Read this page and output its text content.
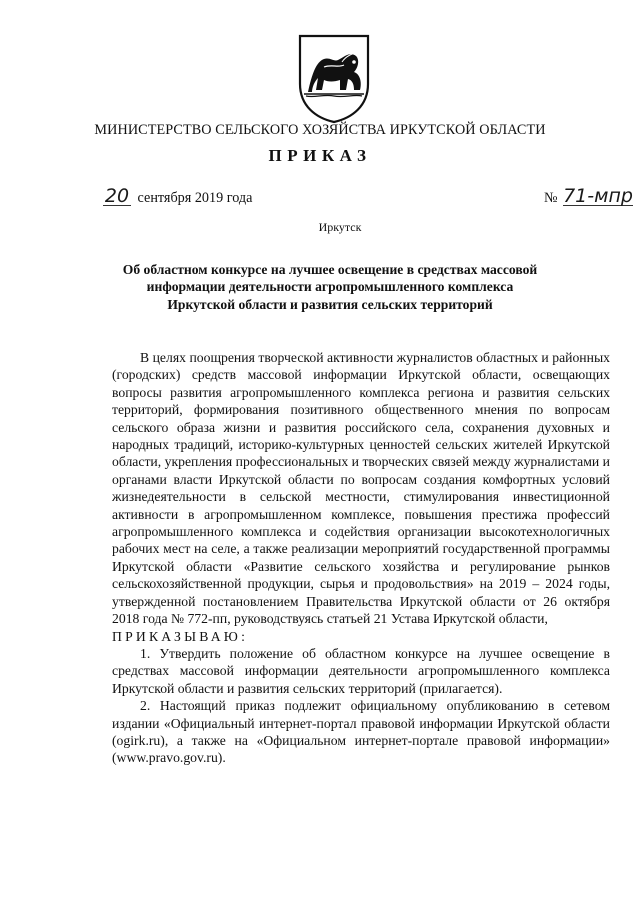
МИНИСТЕРСТВО СЕЛЬСКОГО ХОЗЯЙСТВА ИРКУТСКОЙ ОБЛАСТИ
ПРИКАЗ
20 сентября 2019 года	№ 71-мпр
Иркутск
Об областном конкурсе на лучшее освещение в средствах массовой информации деятельности агропромышленного комплекса Иркутской области и развития сельских территорий

В целях поощрения творческой активности журналистов областных и районных (городских) средств массовой информации Иркутской области, освещающих вопросы развития агропромышленного комплекса региона и развития сельских территорий, формирования позитивного общественного мнения по вопросам сельского образа жизни и развития российского села, сохранения духовных и народных традиций, историко-культурных ценностей сельских жителей Иркутской области, укрепления профессиональных и творческих связей между журналистами и органами власти Иркутской области по вопросам создания комфортных условий жизнедеятельности в сельской местности, стимулирования инвестиционной активности в агропромышленном комплексе, повышения престижа профессий агропромышленного комплекса и содействия организации высокотехнологичных рабочих мест на селе, а также реализации мероприятий государственной программы Иркутской области «Развитие сельского хозяйства и регулирование рынков сельскохозяйственной продукции, сырья и продовольствия» на 2019 – 2024 годы, утвержденной постановлением Правительства Иркутской области от 26 октября 2018 года № 772-пп, руководствуясь статьей 21 Устава Иркутской области,

ПРИКАЗЫВАЮ:

1. Утвердить положение об областном конкурсе на лучшее освещение в средствах массовой информации деятельности агропромышленного комплекса Иркутской области и развития сельских территорий (прилагается).

2. Настоящий приказ подлежит официальному опубликованию в сетевом издании «Официальный интернет-портал правовой информации Иркутской области (ogirk.ru), а также на «Официальном интернет-портале правовой информации» (www.pravo.gov.ru).
